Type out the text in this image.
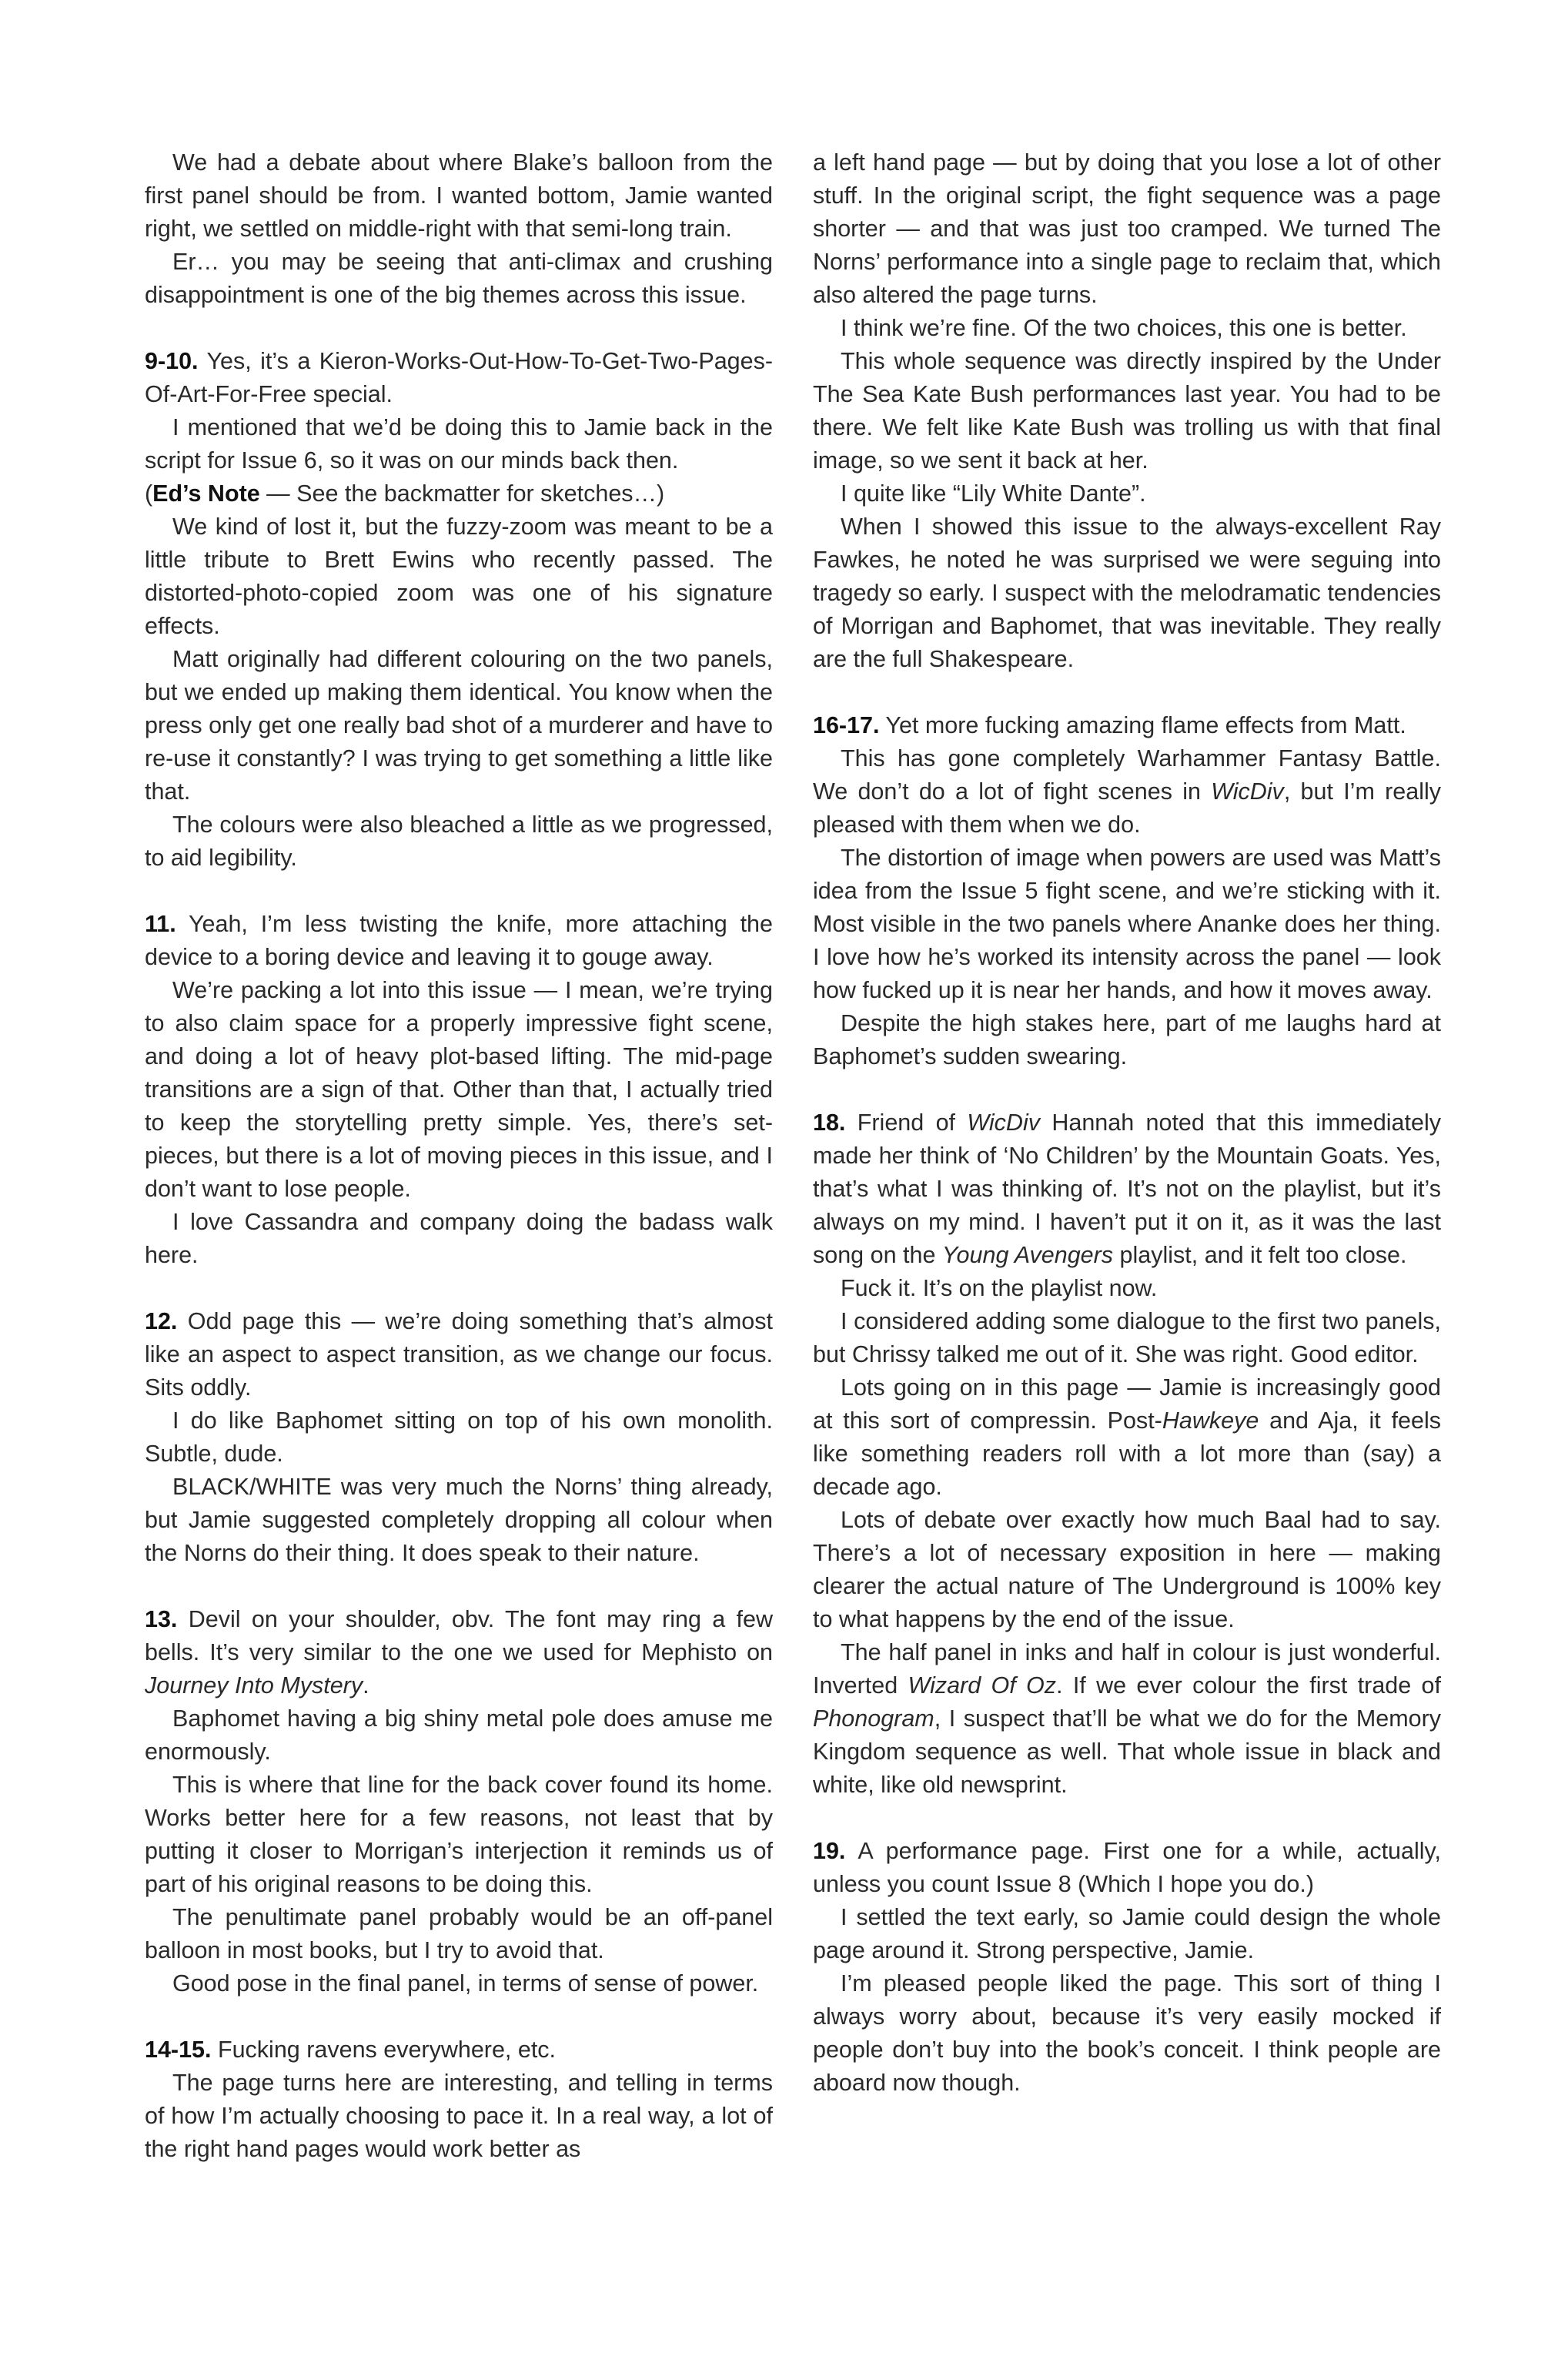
We had a debate about where Blake’s balloon from the first panel should be from. I wanted bottom, Jamie wanted right, we settled on middle-right with that semi-long train.

Er… you may be seeing that anti-climax and crushing disappointment is one of the big themes across this issue.

9-10. Yes, it’s a Kieron-Works-Out-How-To-Get-Two-Pages-Of-Art-For-Free special.

I mentioned that we’d be doing this to Jamie back in the script for Issue 6, so it was on our minds back then.

(Ed’s Note — See the backmatter for sketches…)

We kind of lost it, but the fuzzy-zoom was meant to be a little tribute to Brett Ewins who recently passed. The distorted-photo-copied zoom was one of his signature effects.

Matt originally had different colouring on the two panels, but we ended up making them identical. You know when the press only get one really bad shot of a murderer and have to re-use it constantly? I was trying to get something a little like that.

The colours were also bleached a little as we progressed, to aid legibility.

11. Yeah, I’m less twisting the knife, more attaching the device to a boring device and leaving it to gouge away.

We’re packing a lot into this issue — I mean, we’re trying to also claim space for a properly impressive fight scene, and doing a lot of heavy plot-based lifting. The mid-page transitions are a sign of that. Other than that, I actually tried to keep the storytelling pretty simple. Yes, there’s set-pieces, but there is a lot of moving pieces in this issue, and I don’t want to lose people.

I love Cassandra and company doing the badass walk here.

12. Odd page this — we’re doing something that’s almost like an aspect to aspect transition, as we change our focus. Sits oddly.

I do like Baphomet sitting on top of his own monolith. Subtle, dude.

BLACK/WHITE was very much the Norns’ thing already, but Jamie suggested completely dropping all colour when the Norns do their thing. It does speak to their nature.

13. Devil on your shoulder, obv. The font may ring a few bells. It’s very similar to the one we used for Mephisto on Journey Into Mystery.

Baphomet having a big shiny metal pole does amuse me enormously.

This is where that line for the back cover found its home. Works better here for a few reasons, not least that by putting it closer to Morrigan’s interjection it reminds us of part of his original reasons to be doing this.

The penultimate panel probably would be an off-panel balloon in most books, but I try to avoid that.

Good pose in the final panel, in terms of sense of power.

14-15. Fucking ravens everywhere, etc.

The page turns here are interesting, and telling in terms of how I’m actually choosing to pace it. In a real way, a lot of the right hand pages would work better as

a left hand page — but by doing that you lose a lot of other stuff. In the original script, the fight sequence was a page shorter — and that was just too cramped. We turned The Norns’ performance into a single page to reclaim that, which also altered the page turns.

I think we’re fine. Of the two choices, this one is better.

This whole sequence was directly inspired by the Under The Sea Kate Bush performances last year. You had to be there. We felt like Kate Bush was trolling us with that final image, so we sent it back at her.

I quite like “Lily White Dante”.

When I showed this issue to the always-excellent Ray Fawkes, he noted he was surprised we were seguing into tragedy so early. I suspect with the melodramatic tendencies of Morrigan and Baphomet, that was inevitable. They really are the full Shakespeare.

16-17. Yet more fucking amazing flame effects from Matt.

This has gone completely Warhammer Fantasy Battle. We don’t do a lot of fight scenes in WicDiv, but I’m really pleased with them when we do.

The distortion of image when powers are used was Matt’s idea from the Issue 5 fight scene, and we’re sticking with it. Most visible in the two panels where Ananke does her thing. I love how he’s worked its intensity across the panel — look how fucked up it is near her hands, and how it moves away.

Despite the high stakes here, part of me laughs hard at Baphomet’s sudden swearing.

18. Friend of WicDiv Hannah noted that this immediately made her think of ‘No Children’ by the Mountain Goats. Yes, that’s what I was thinking of. It’s not on the playlist, but it’s always on my mind. I haven’t put it on it, as it was the last song on the Young Avengers playlist, and it felt too close.

Fuck it. It’s on the playlist now.

I considered adding some dialogue to the first two panels, but Chrissy talked me out of it. She was right. Good editor.

Lots going on in this page — Jamie is increasingly good at this sort of compressin. Post-Hawkeye and Aja, it feels like something readers roll with a lot more than (say) a decade ago.

Lots of debate over exactly how much Baal had to say. There’s a lot of necessary exposition in here — making clearer the actual nature of The Underground is 100% key to what happens by the end of the issue.

The half panel in inks and half in colour is just wonderful. Inverted Wizard Of Oz. If we ever colour the first trade of Phonogram, I suspect that’ll be what we do for the Memory Kingdom sequence as well. That whole issue in black and white, like old newsprint.

19. A performance page. First one for a while, actually, unless you count Issue 8 (Which I hope you do.)

I settled the text early, so Jamie could design the whole page around it. Strong perspective, Jamie.

I’m pleased people liked the page. This sort of thing I always worry about, because it’s very easily mocked if people don’t buy into the book’s conceit. I think people are aboard now though.
